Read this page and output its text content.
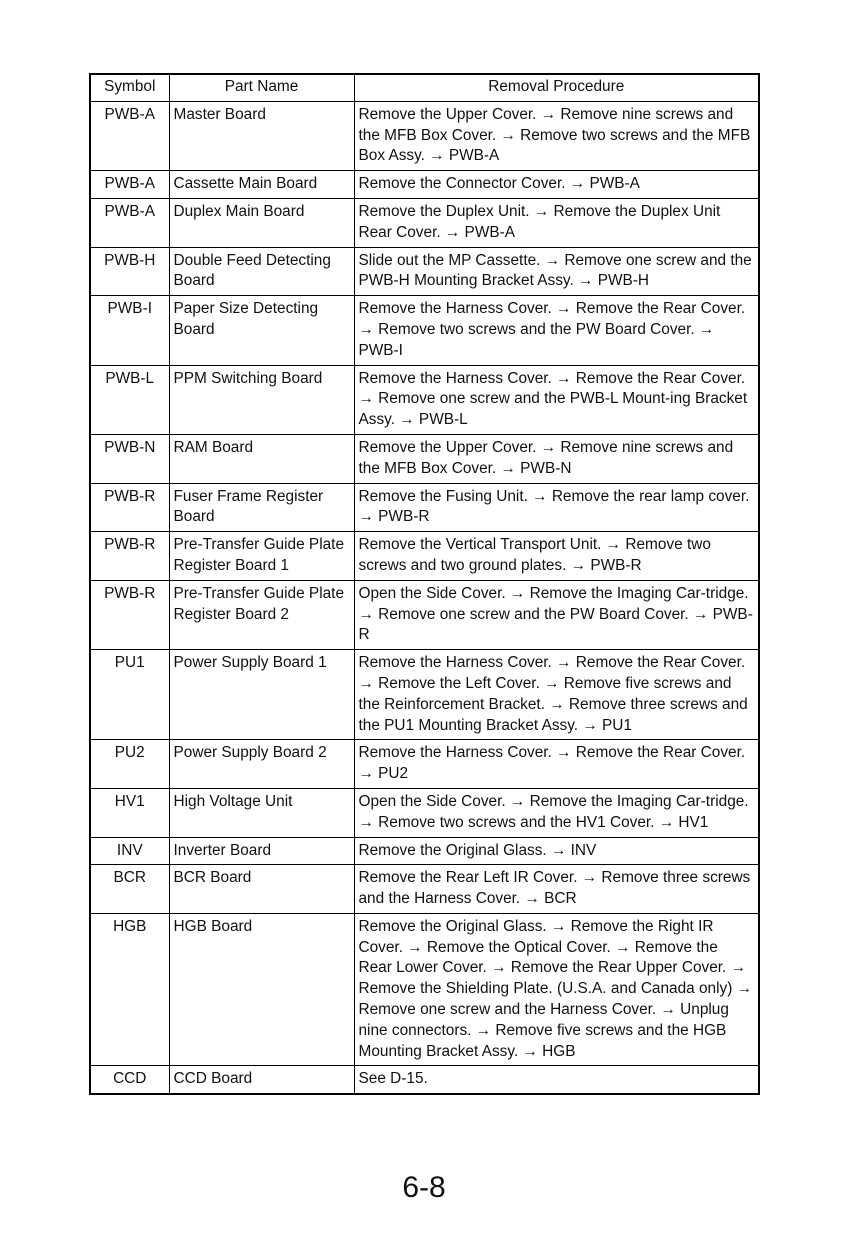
Symbol	Part Name	Removal Procedure
PWB-A	Master Board	Remove the Upper Cover. → Remove nine screws and the MFB Box Cover. → Remove two screws and the MFB Box Assy. → PWB-A
PWB-A	Cassette Main Board	Remove the Connector Cover. → PWB-A
PWB-A	Duplex Main Board	Remove the Duplex Unit. → Remove the Duplex Unit Rear Cover. → PWB-A
PWB-H	Double Feed Detecting Board	Slide out the MP Cassette. → Remove one screw and the PWB-H Mounting Bracket Assy. → PWB-H
PWB-I	Paper Size Detecting Board	Remove the Harness Cover. → Remove the Rear Cover. → Remove two screws and the PW Board Cover. → PWB-I
PWB-L	PPM Switching Board	Remove the Harness Cover. → Remove the Rear Cover. → Remove one screw and the PWB-L Mount-ing Bracket Assy. → PWB-L
PWB-N	RAM Board	Remove the Upper Cover. → Remove nine screws and the MFB Box Cover. → PWB-N
PWB-R	Fuser Frame Register Board	Remove the Fusing Unit. → Remove the rear lamp cover. → PWB-R
PWB-R	Pre-Transfer Guide Plate Register Board 1	Remove the Vertical Transport Unit. → Remove two screws and two ground plates. → PWB-R
PWB-R	Pre-Transfer Guide Plate Register Board 2	Open the Side Cover. → Remove the Imaging Car-tridge. → Remove one screw and the PW Board Cover. → PWB-R
PU1	Power Supply Board 1	Remove the Harness Cover. → Remove the Rear Cover. → Remove the Left Cover. → Remove five screws and the Reinforcement Bracket. → Remove three screws and the PU1 Mounting Bracket Assy. → PU1
PU2	Power Supply Board 2	Remove the Harness Cover. → Remove the Rear Cover. → PU2
HV1	High Voltage Unit	Open the Side Cover. → Remove the Imaging Car-tridge. → Remove two screws and the HV1 Cover. → HV1
INV	Inverter Board	Remove the Original Glass. → INV
BCR	BCR Board	Remove the Rear Left IR Cover. → Remove three screws and the Harness Cover. → BCR
HGB	HGB Board	Remove the Original Glass. → Remove the Right IR Cover. → Remove the Optical Cover. → Remove the Rear Lower Cover. → Remove the Rear Upper Cover. → Remove the Shielding Plate. (U.S.A. and Canada only) → Remove one screw and the Harness Cover. → Unplug nine connectors. → Remove five screws and the HGB Mounting Bracket Assy. → HGB
CCD	CCD Board	See D-15.
6-8
